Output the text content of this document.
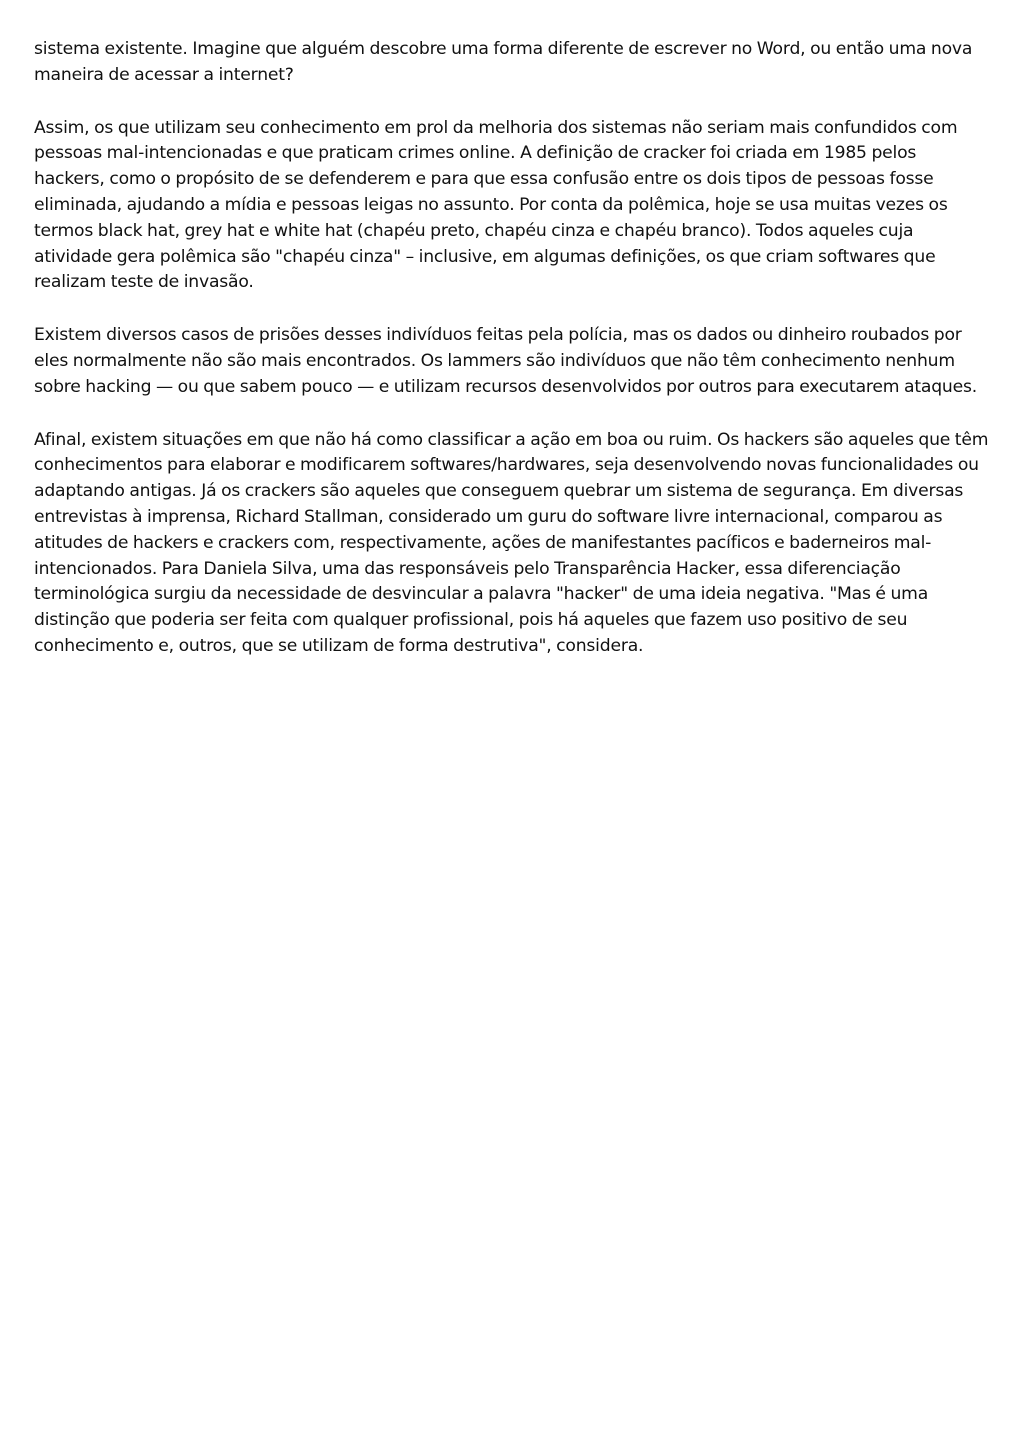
sistema existente. Imagine que alguém descobre uma forma diferente de escrever no Word, ou então uma nova maneira de acessar a internet?

Assim, os que utilizam seu conhecimento em prol da melhoria dos sistemas não seriam mais confundidos com pessoas mal-intencionadas e que praticam crimes online. A definição de cracker foi criada em 1985 pelos hackers, como o propósito de se defenderem e para que essa confusão entre os dois tipos de pessoas fosse eliminada, ajudando a mídia e pessoas leigas no assunto. Por conta da polêmica, hoje se usa muitas vezes os termos black hat, grey hat e white hat (chapéu preto, chapéu cinza e chapéu branco). Todos aqueles cuja atividade gera polêmica são "chapéu cinza" – inclusive, em algumas definições, os que criam softwares que realizam teste de invasão.

Existem diversos casos de prisões desses indivíduos feitas pela polícia, mas os dados ou dinheiro roubados por eles normalmente não são mais encontrados. Os lammers são indivíduos que não têm conhecimento nenhum sobre hacking — ou que sabem pouco — e utilizam recursos desenvolvidos por outros para executarem ataques.

Afinal, existem situações em que não há como classificar a ação em boa ou ruim. Os hackers são aqueles que têm conhecimentos para elaborar e modificarem softwares/hardwares, seja desenvolvendo novas funcionalidades ou adaptando antigas. Já os crackers são aqueles que conseguem quebrar um sistema de segurança. Em diversas entrevistas à imprensa, Richard Stallman, considerado um guru do software livre internacional, comparou as atitudes de hackers e crackers com, respectivamente, ações de manifestantes pacíficos e baderneiros mal-intencionados. Para Daniela Silva, uma das responsáveis pelo Transparência Hacker, essa diferenciação terminológica surgiu da necessidade de desvincular a palavra "hacker" de uma ideia negativa. "Mas é uma distinção que poderia ser feita com qualquer profissional, pois há aqueles que fazem uso positivo de seu conhecimento e, outros, que se utilizam de forma destrutiva", considera.
